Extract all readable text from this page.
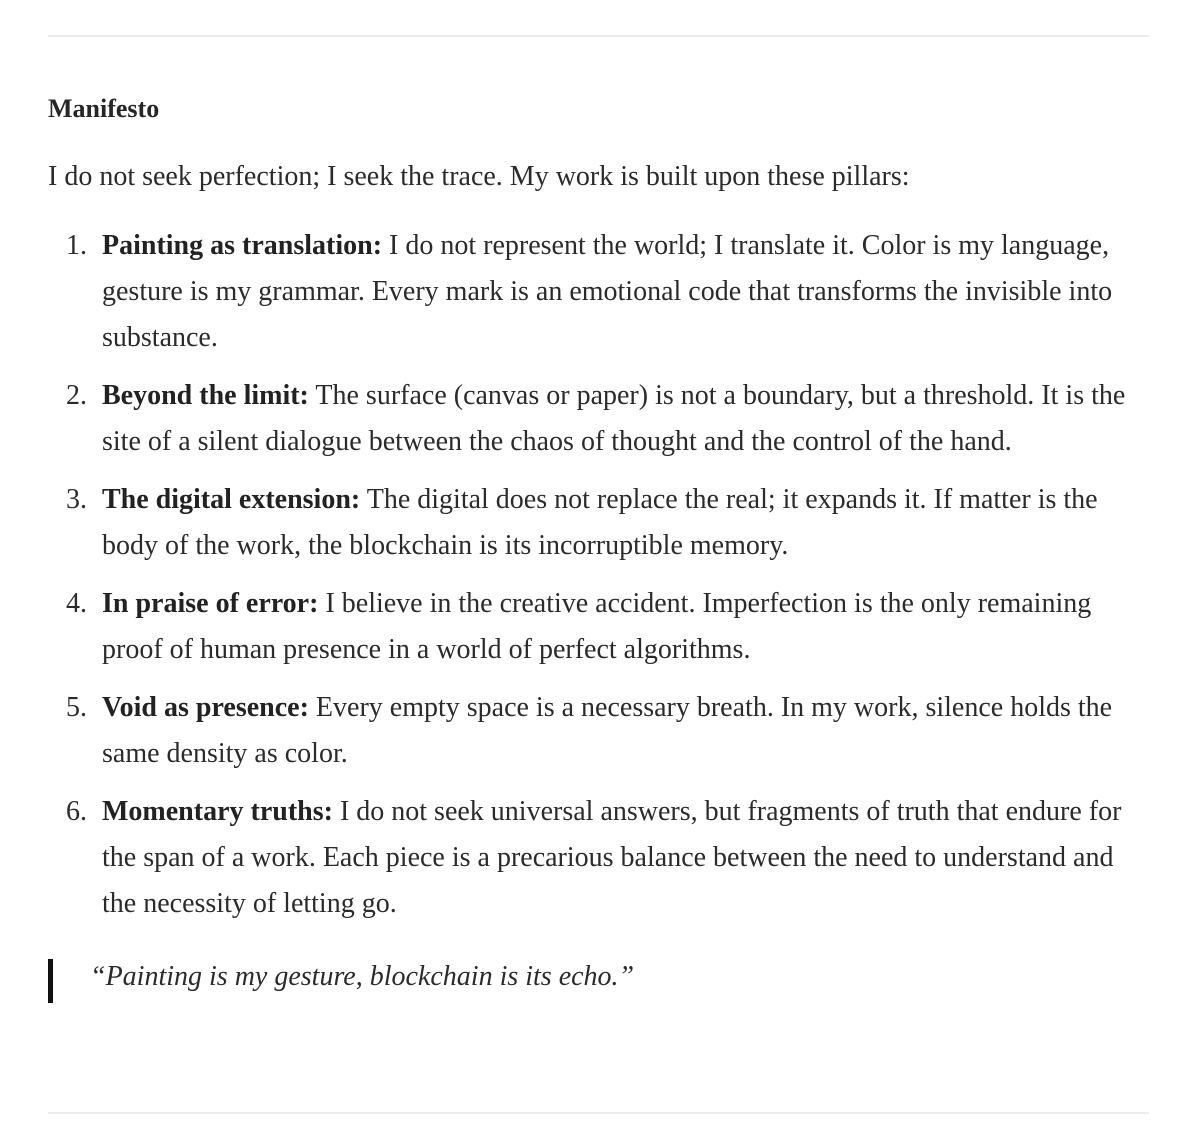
Manifesto

I do not seek perfection; I seek the trace. My work is built upon these pillars:

1. Painting as translation: I do not represent the world; I translate it. Color is my language, gesture is my grammar. Every mark is an emotional code that transforms the invisible into substance.
2. Beyond the limit: The surface (canvas or paper) is not a boundary, but a threshold. It is the site of a silent dialogue between the chaos of thought and the control of the hand.
3. The digital extension: The digital does not replace the real; it expands it. If matter is the body of the work, the blockchain is its incorruptible memory.
4. In praise of error: I believe in the creative accident. Imperfection is the only remaining proof of human presence in a world of perfect algorithms.
5. Void as presence: Every empty space is a necessary breath. In my work, silence holds the same density as color.
6. Momentary truths: I do not seek universal answers, but fragments of truth that endure for the span of a work. Each piece is a precarious balance between the need to understand and the necessity of letting go.
“Painting is my gesture, blockchain is its echo.”
